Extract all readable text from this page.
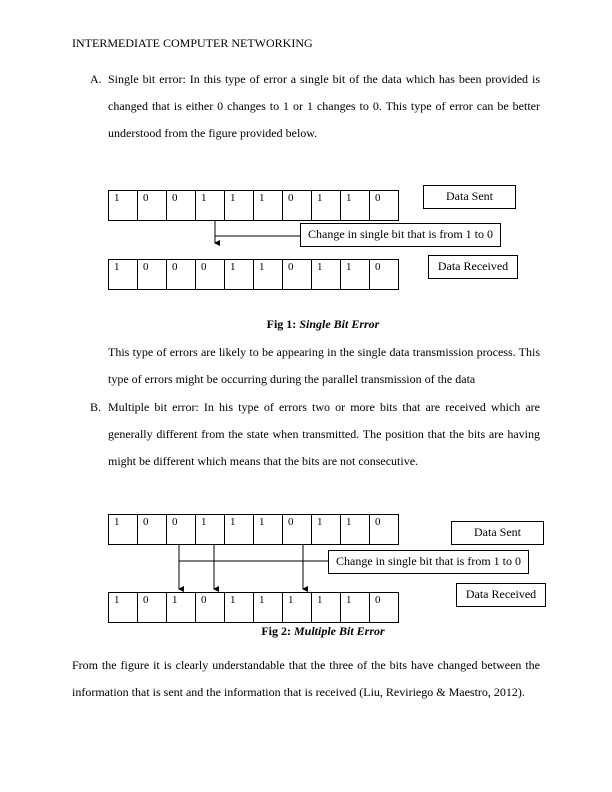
INTERMEDIATE COMPUTER NETWORKING
A. Single bit error: In this type of error a single bit of the data which has been provided is changed that is either 0 changes to 1 or 1 changes to 0. This type of error can be better understood from the figure provided below.
1	0	0	1	1	1	0	1	1	0	Data Sent
Change in single bit that is from 1 to 0
1	0	0	0	1	1	0	1	1	0	Data Received
Fig 1: Single Bit Error
This type of errors are likely to be appearing in the single data transmission process. This type of errors might be occurring during the parallel transmission of the data
B. Multiple bit error: In his type of errors two or more bits that are received which are generally different from the state when transmitted. The position that the bits are having might be different which means that the bits are not consecutive.
1	0	0	1	1	1	0	1	1	0
Data Sent
Change in single bit that is from 1 to 0
1	0	1	0	1	1	1	1	1	0	Data Received
Fig 2: Multiple Bit Error
From the figure it is clearly understandable that the three of the bits have changed between the information that is sent and the information that is received (Liu, Reviriego & Maestro, 2012).
